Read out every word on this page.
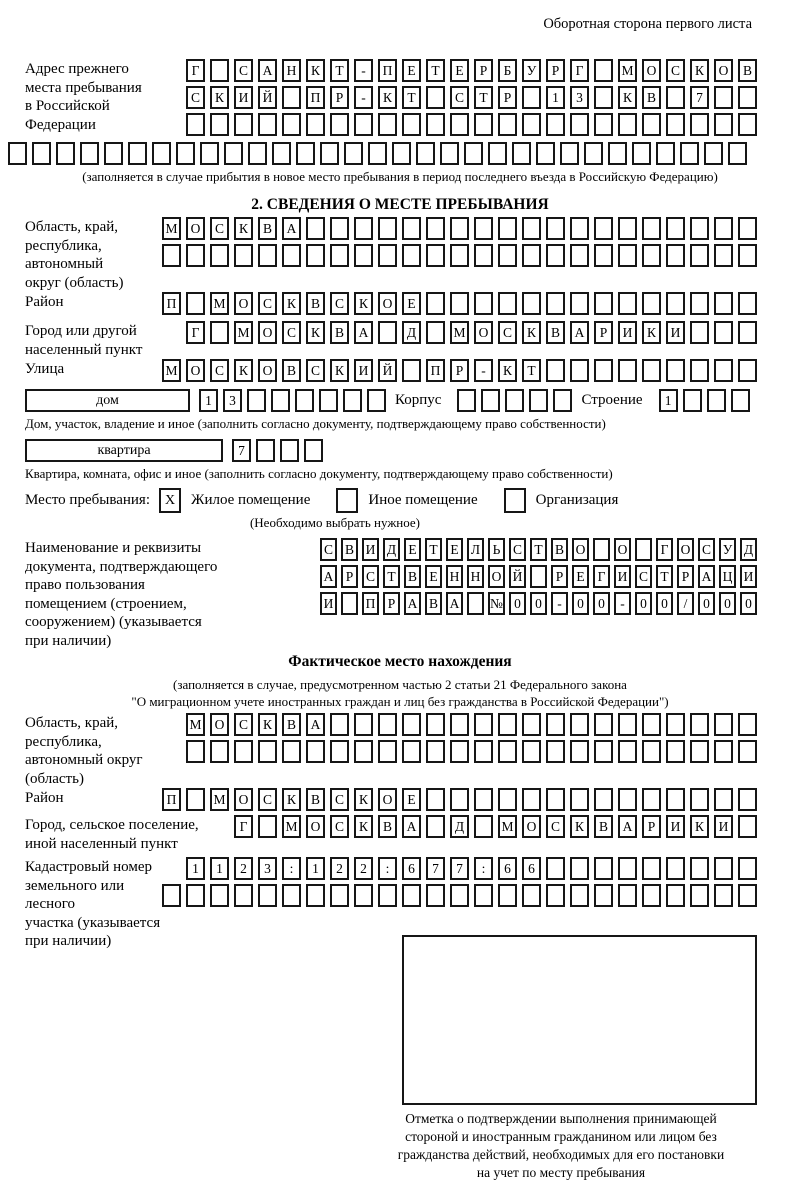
Оборотная сторона первого листа
Адрес прежнего
места пребывания
в Российской
Федерации
Г	С	А	Н	К	Т	-	П	Е	Т	Е	Р	Б	У	Р	Г	М О	С	К	О	В
С	К	И	Й	П	Р	-	К	Т	С	Т	Р	1	3	К	В	7
(заполняется в случае прибытия в новое место пребывания в период последнего въезда в Российскую Федерацию)
2. СВЕДЕНИЯ О МЕСТЕ ПРЕБЫВАНИЯ
Область, край,
республика,
автономный
округ (область)
М О	С	К	В	А
Район	П	М О	С	К	В	С	К	О	Е
Город или другой
населенный пункт
Г	М О	С	К	В	А	Д	М О	С	К	В	А	Р	И	К	И
Улица	М О	С	К	О	В	С	К	И	Й	П	Р	-	К	Т
дом	1	3	Корпус	Строение	1
Дом, участок, владение и иное (заполнить согласно документу, подтверждающему право собственности)
квартира	7
Квартира, комната, офис и иное (заполнить согласно документу, подтверждающему право собственности)
Место пребывания:	X	Жилое помещение	Иное помещение	Организация
(Необходимо выбрать нужное)
Наименование и реквизиты
документа, подтверждающего
право пользования
помещением (строением,
сооружением) (указывается
при наличии)
С В И Д Е Т Е Л Ь С Т В О О	Г О С У Д
А Р С Т В Е Н Н О Й	Р Е Г И С Т Р А Ц И
И П Р А В А № 0	0	-	0	0	-	0	0	/	0	0	0
Фактическое место нахождения
(заполняется в случае, предусмотренном частью 2 статьи 21 Федерального закона
"О миграционном учете иностранных граждан и лиц без гражданства в Российской Федерации")
Область, край,
республика,
автономный округ
(область)
М О	С	К	В	А
Район	П	М О	С	К	В	С	К	О	Е
Город, сельское поселение,
иной населенный пункт
Г	М О	С	К	В	А	Д	М О	С	К	В	А	Р	И	К	И
Кадастровый номер
земельного или лесного
участка (указывается
при наличии)
1	1	2	3	:	1	2	2	:	6	7	7	:	6	6
Отметка о подтверждении выполнения принимающей
стороной и иностранным гражданином или лицом без
гражданства действий, необходимых для его постановки
на учет по месту пребывания
